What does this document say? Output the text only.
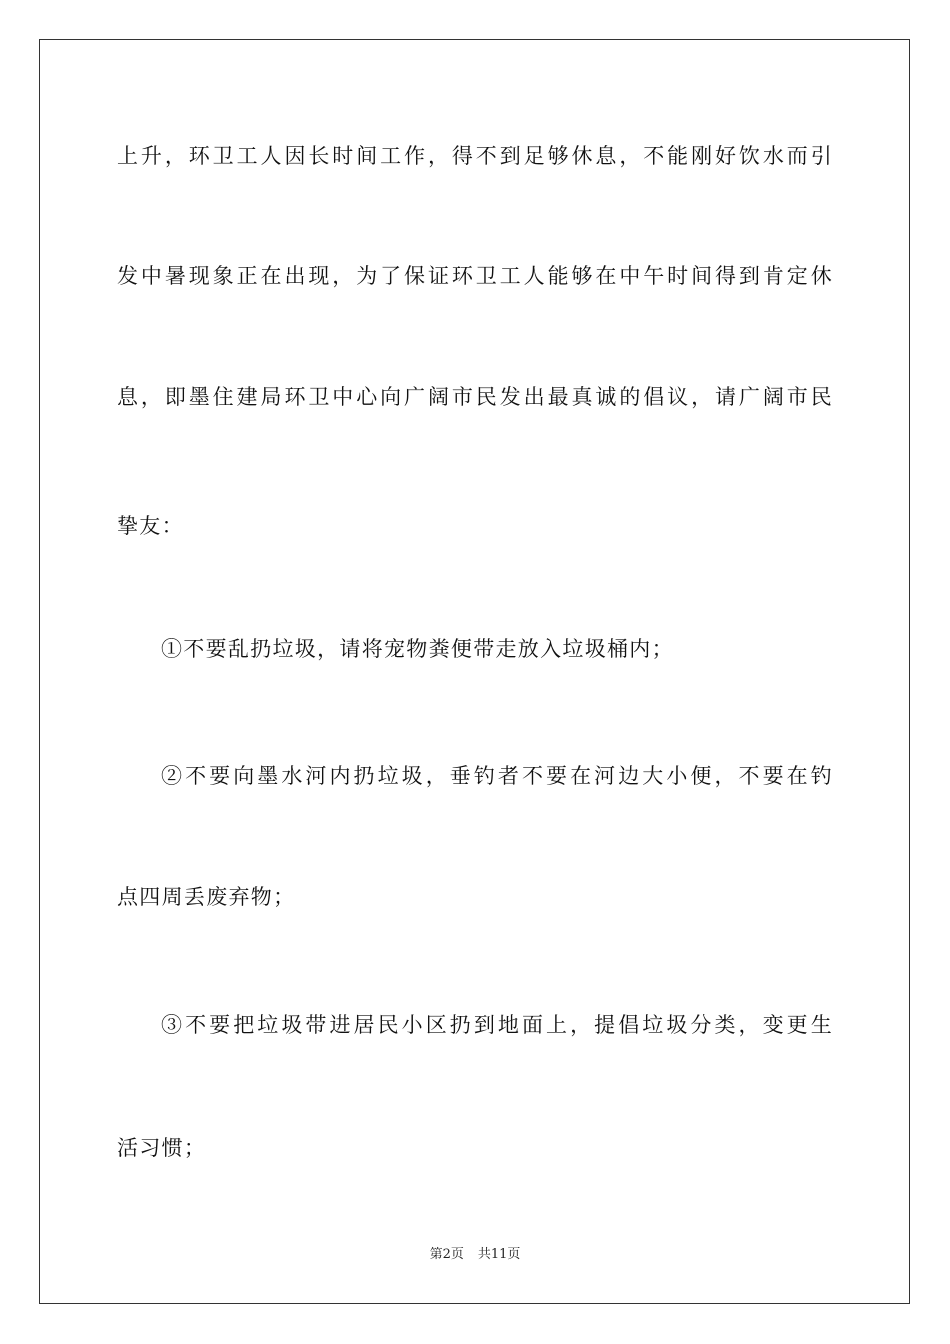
上升，环卫工人因长时间工作，得不到足够休息，不能刚好饮水而引
发中暑现象正在出现，为了保证环卫工人能够在中午时间得到肯定休
息，即墨住建局环卫中心向广阔市民发出最真诚的倡议，请广阔市民
挚友：
①不要乱扔垃圾，请将宠物粪便带走放入垃圾桶内；
②不要向墨水河内扔垃圾，垂钓者不要在河边大小便，不要在钓
点四周丢废弃物；
③不要把垃圾带进居民小区扔到地面上，提倡垃圾分类，变更生
活习惯；
第2页 共11页
